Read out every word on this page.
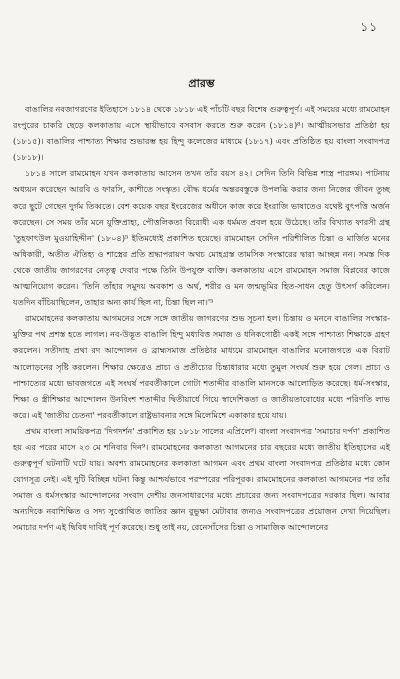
১১
প্রারম্ভ

বাঙালির নবজাগরণের ইতিহাসে ১৮১৪ থেকে ১৮১৮ এই পাঁচটি বছর বিশেষ গুরুত্বপূর্ণ। এই সময়ের মধ্যে রামমোহন রংপুরের চাকরি ছেড়ে কলকাতায় এসে স্থায়ীভাবে বসবাস করতে শুরু করেন (১৮১৪)⁸। আত্মীয়সভার প্রতিষ্ঠা হয় (১৮১৫)। বাঙালির পাশ্চাত্য শিক্ষার শুভারম্ভ হয় হিন্দু কলেজের মাধ্যমে (১৮১৭) এবং প্রতিষ্ঠিত হয় বাংলা সংবাদপত্র (১৮১৮)।

১৮১৪ সালে রামমোহন যখন কলকাতায় আসেন তখন তাঁর বয়স ৪২। সেদিন তিনি বিভিন্ন শাস্ত্র পারঙ্গম। পাটনায় অধ্যয়ন করেছেন আরবি ও ফারসি, কাশীতে সংস্কৃত। বৌদ্ধ ধর্মের অন্তরবস্তুকে উপলব্ধি করার জন্য নিজের জীবন তুচ্ছ করে ছুটে গেছেন দুর্গম তিব্বতে। বেশ কয়েক বছর ইংরেজের অধীনে কাজ করে ইংরাজি ভাষাতেও যথেষ্ট বুৎপত্তি অর্জন করেছেন। সে সময় তাঁর মনে যুক্তিপ্রাহ্য, পৌত্তলিকতা বিরোধী এক ধর্মমত প্রবল হয়ে উঠেছে। তাঁর বিখ্যাত ফারসী গ্রন্থ 'তুহফাৎউল মুওয়াহিদ্দীন' (১৮০৪)⁵ ইতিমধ্যেই প্রকাশিত হয়েছে। রামমোহন সেদিন পরিশীলিত চিন্তা ও মার্জিত মনের অধিকারী, অতীত ঐতিহ্য ও শাস্ত্রের প্রতি শ্রদ্ধাপরায়ণ অথচ মোহগ্রস্ত তামসিক সংস্কারের দ্বারা আচ্ছন্ন নন। সমস্ত দিক থেকে জাতীয় জাগরণের নেতৃত্ব দেবার পক্ষে তিনি উপযুক্ত ব্যক্তি। কলকাতায় এসে রামমোহন সমাজ বিপ্লবের কাজে আত্মনিয়োগ করেন। 'তিনি তাঁহার সমুদয় অবকাশ ও অর্থ, শরীর ও মন জন্মভূমির হিত-সাধন হেতু উৎসর্গ করিলেন। যতদিন বাঁচিয়াছিলেন, তাহার অন্য কার্য ছিল না, চিন্তা ছিল না।'⁵

রামমোহনের কলকাতায় আগমনের সঙ্গে সঙ্গে জাতীয় জাগরণের শুভ সূচনা হল। চিন্তায় ও মননে বাঙালির সংস্কার-মুক্তির পথ প্রশস্ত হতে লাগল। নব-উদ্ভূত বাঙালি হিন্দু মধ্যবিত্ত সমাজ ও ধনিকগোষ্ঠী একই সঙ্গে পাশ্চাত্য শিক্ষাকে গ্রহণ করলেন। সতীদাহ প্রথা রদ আন্দোলন ও ব্রাহ্মসমাজ প্রতিষ্ঠার মাধ্যমে রামমোহন বাঙালির মনোজগতে এক বিরাট আলোড়নের সৃষ্টি করলেন। শিক্ষার ক্ষেত্রেও প্রাচ্য ও প্রতীচ্যের চিন্তাধারার মধ্যে তুমুল সংঘর্ষ শুরু হয়ে গেল। প্রাচ্য ও পাশ্চাত্যের মধ্যে ভাবজগতে এই সংঘর্ষ পরবর্তীকালে গোটা শতাব্দীর বাঙালি মানসকে আলোড়িত করেছে। ধর্ম-সংস্কার, শিক্ষা ও স্ত্রীশিক্ষার আন্দোলন উনবিংশ শতাব্দীর দ্বিতীয়ার্ধে গিয়ে স্বাদেশিকতা ও জাতীয়তাবোধের মধ্যে পরিণতি লাভ করে। এই 'জাতীয় চেতনা' পরবর্তীকালে রাষ্ট্রভাবনার সঙ্গে মিলেমিশে একাকার হয়ে যায়।

প্রথম বাংলা সাময়িকপত্র 'দিগদর্শন' প্রকাশিত হয় ১৮১৮ সালের এপ্রিলে⁹। বাংলা সংবাদপত্র 'সমাচার দর্পণ' প্রকাশিত হয় এর পরের মাসে ২৩ মে শনিবার দিন⁹। রামমোহনের কলকাতা আগমনের চার বছরের মধ্যে জাতীয় ইতিহাসের এই গুরুত্বপূর্ণ ঘটনাটি ঘটে যায়। অবশ্য রামমোহনের কলকাতা আগমন এবং প্রথম বাংলা সংবাদপত্র প্রতিষ্ঠার মধ্যে কোন যোগসূত্র নেই। এই দুটি বিচ্ছিন্ন ঘটনা কিন্তু আশ্চর্যভাবে পরস্পরের পরিপূরক। রামমোহনের কলকাতা আগমনের পর তাঁর সমাজ ও ধর্মসংস্কার আন্দোলনের সংবাদ দেশীয় জনসাধারণের মধ্যে প্রচারের জন্য সংবাদপত্রের দরকার ছিল। আবার অন্যদিকে নবাশিক্ষিত ও সদ্য সুপ্তোত্থিত জাতির জ্ঞান বুভুক্ষা মেটাবার জন্যও সংবাদপত্রের প্রয়োজন দেখা দিয়েছিল। সমাচার দর্পণ এই দ্বিবিধ দাবিই পূর্ণ করেছে। শুধু তাই নয়, রেনেসাঁসের চিন্তা ও সামাজিক আন্দোলনের
